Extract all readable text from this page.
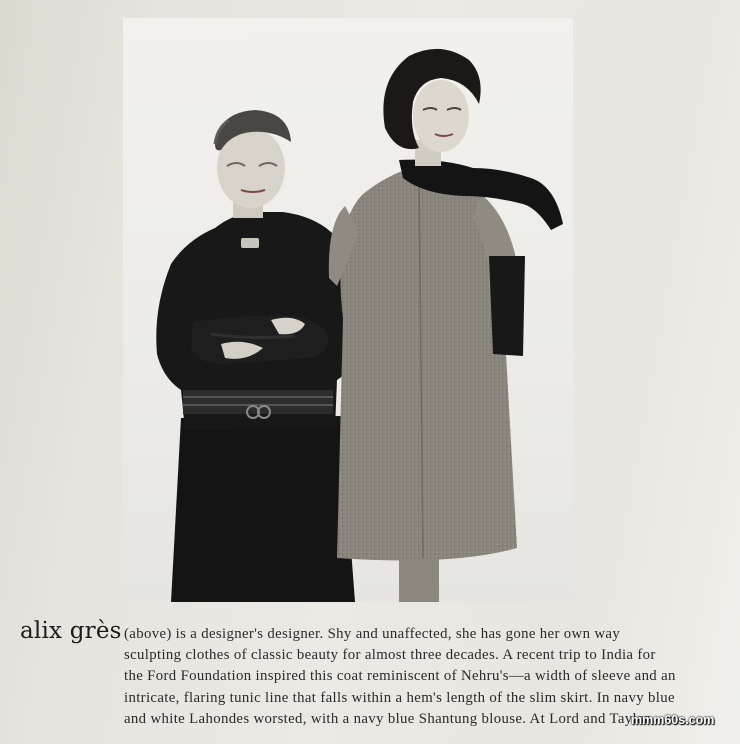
Portrait photograph of Alix Grès beside a model wearing her tweed coat
alix grès (above) is a designer's designer. Shy and unaffected, she has gone her own way
sculpting clothes of classic beauty for almost three decades. A recent trip to India for
the Ford Foundation inspired this coat reminiscent of Nehru's—a width of sleeve and an
intricate, flaring tunic line that falls within a hem's length of the slim skirt. In navy blue
and white Lahondes worsted, with a navy blue Shantung blouse. At Lord and Taylor.
mmm60s.com
